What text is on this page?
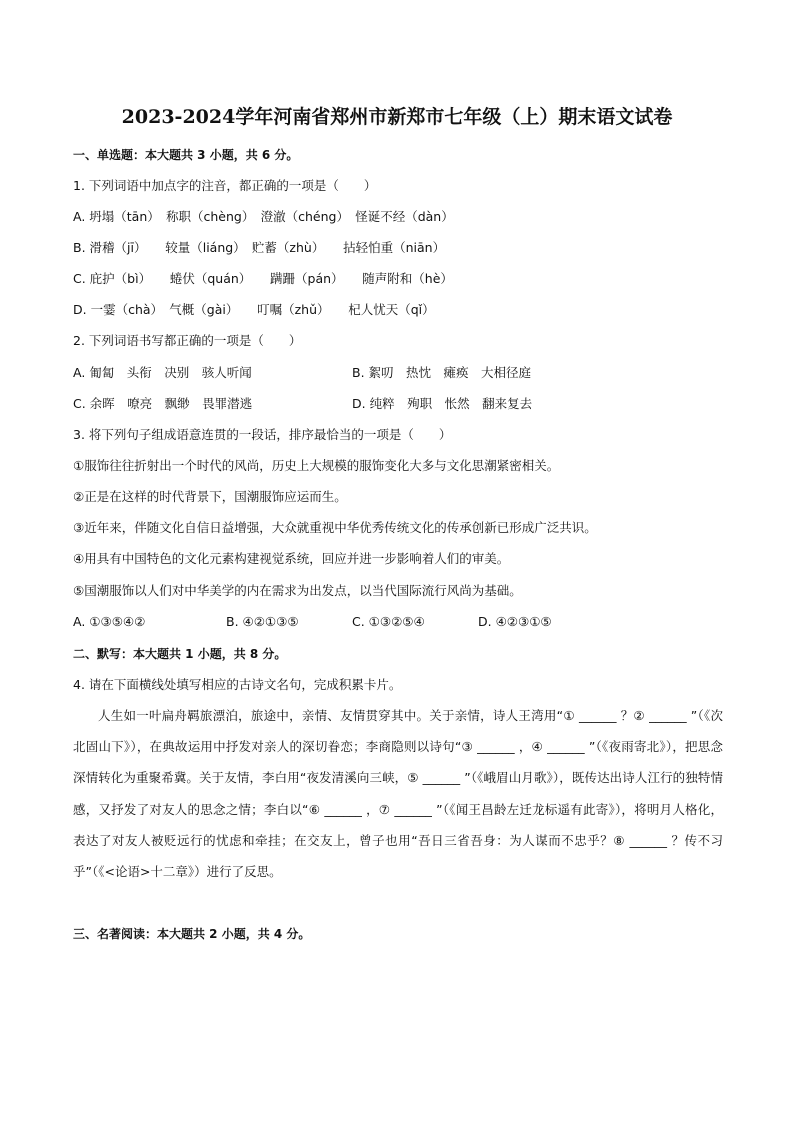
2023-2024学年河南省郑州市新郑市七年级（上）期末语文试卷
一、单选题：本大题共 3 小题，共 6 分。
1. 下列词语中加点字的注音，都正确的一项是（　　）
A. 坍塌（tān）　称职（chèng）　澄澈（chéng）　怪诞不经（dàn）
B. 滑稽（jī）　　较量（liáng）　贮蓄（zhù）　　拈轻怕重（niān）
C. 庇护（bì）　　蜷伏（quán）　　蹒跚（pán）　　随声附和（hè）
D. 一霎（chà）　气概（gài）　　叮嘱（zhǔ）　　杞人忧天（qǐ）
2. 下列词语书写都正确的一项是（　　）
A. 匍匐　头衔　决别　骇人听闻	B. 絮叨　热忱　瘫痪　大相径庭
C. 余晖　嘹亮　飘缈　畏罪潜逃	D. 纯粹　殉职　怅然　翻来复去
3. 将下列句子组成语意连贯的一段话，排序最恰当的一项是（　　）
①服饰往往折射出一个时代的风尚，历史上大规模的服饰变化大多与文化思潮紧密相关。
②正是在这样的时代背景下，国潮服饰应运而生。
③近年来，伴随文化自信日益增强，大众就重视中华优秀传统文化的传承创新已形成广泛共识。
④用具有中国特色的文化元素构建视觉系统，回应并进一步影响着人们的审美。
⑤国潮服饰以人们对中华美学的内在需求为出发点，以当代国际流行风尚为基础。
A. ①③⑤④②	B. ④②①③⑤	C. ①③②⑤④	D. ④②③①⑤
二、默写：本大题共 1 小题，共 8 分。
4. 请在下面横线处填写相应的古诗文名句，完成积累卡片。
人生如一叶扁舟羁旅漂泊，旅途中，亲情、友情贯穿其中。关于亲情，诗人王湾用“① ______ ？② ______ ”（《次北固山下》），在典故运用中抒发对亲人的深切眷恋；李商隐则以诗句“③ ______ ，④ ______ ”（《夜雨寄北》），把思念深情转化为重聚希冀。关于友情，李白用“夜发清溪向三峡，⑤ ______ ”（《峨眉山月歌》），既传达出诗人江行的独特情感，又抒发了对友人的思念之情；李白以“⑥ ______ ，⑦ ______ ”（《闻王昌龄左迁龙标遥有此寄》），将明月人格化，表达了对友人被贬远行的忧虑和牵挂；在交友上，曾子也用“吾日三省吾身：为人谋而不忠乎？⑧ ______ ？传不习乎”（《<论语>十二章》）进行了反思。
三、名著阅读：本大题共 2 小题，共 4 分。
